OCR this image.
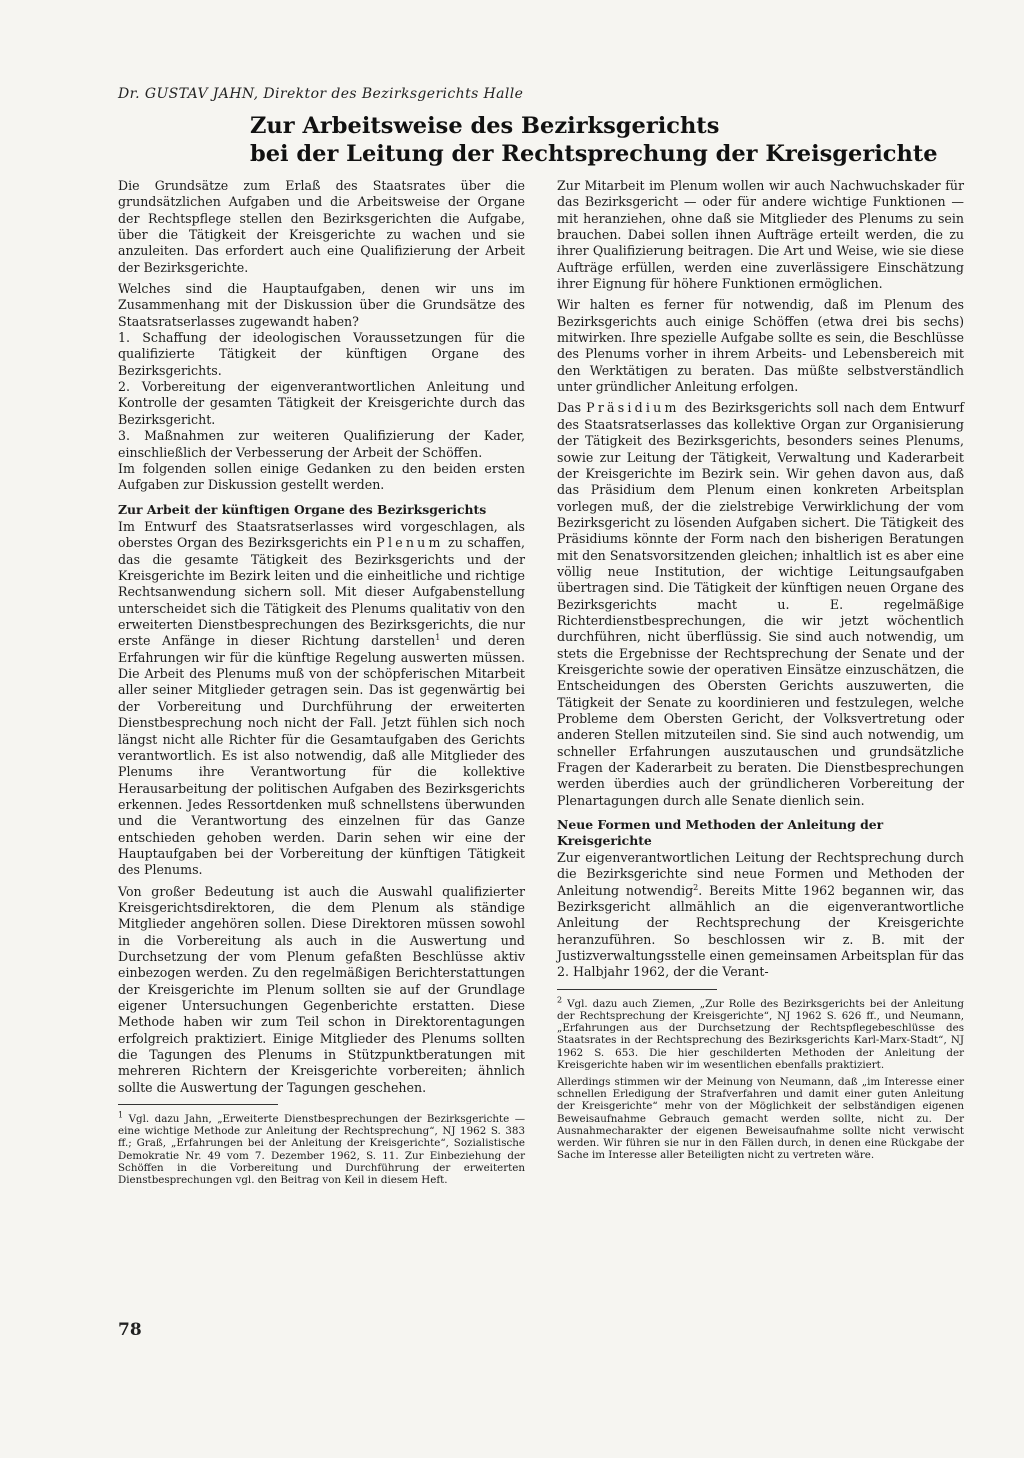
Dr. GUSTAV JAHN, Direktor des Bezirksgerichts Halle
Zur Arbeitsweise des Bezirksgerichts
bei der Leitung der Rechtsprechung der Kreisgerichte

Die Grundsätze zum Erlaß des Staatsrates über die grundsätzlichen Aufgaben und die Arbeitsweise der Organe der Rechtspflege stellen den Bezirksgerichten die Aufgabe, über die Tätigkeit der Kreisgerichte zu wachen und sie anzuleiten. Das erfordert auch eine Qualifizierung der Arbeit der Bezirksgerichte.

Welches sind die Hauptaufgaben, denen wir uns im Zusammenhang mit der Diskussion über die Grundsätze des Staatsratserlasses zugewandt haben?

1. Schaffung der ideologischen Voraussetzungen für die qualifizierte Tätigkeit der künftigen Organe des Bezirksgerichts.

2. Vorbereitung der eigenverantwortlichen Anleitung und Kontrolle der gesamten Tätigkeit der Kreisgerichte durch das Bezirksgericht.

3. Maßnahmen zur weiteren Qualifizierung der Kader, einschließlich der Verbesserung der Arbeit der Schöffen.

Im folgenden sollen einige Gedanken zu den beiden ersten Aufgaben zur Diskussion gestellt werden.

Zur Arbeit der künftigen Organe des Bezirksgerichts

Im Entwurf des Staatsratserlasses wird vorgeschlagen, als oberstes Organ des Bezirksgerichts ein Plenum zu schaffen, das die gesamte Tätigkeit des Bezirksgerichts und der Kreisgerichte im Bezirk leiten und die einheitliche und richtige Rechtsanwendung sichern soll. Mit dieser Aufgabenstellung unterscheidet sich die Tätigkeit des Plenums qualitativ von den erweiterten Dienstbesprechungen des Bezirksgerichts, die nur erste Anfänge in dieser Richtung darstellen$^1$ und deren Erfahrungen wir für die künftige Regelung auswerten müssen. Die Arbeit des Plenums muß von der schöpferischen Mitarbeit aller seiner Mitglieder getragen sein. Das ist gegenwärtig bei der Vorbereitung und Durchführung der erweiterten Dienstbesprechung noch nicht der Fall. Jetzt fühlen sich noch längst nicht alle Richter für die Gesamtaufgaben des Gerichts verantwortlich. Es ist also notwendig, daß alle Mitglieder des Plenums ihre Verantwortung für die kollektive Herausarbeitung der politischen Aufgaben des Bezirksgerichts erkennen. Jedes Ressortdenken muß schnellstens überwunden und die Verantwortung des einzelnen für das Ganze entschieden gehoben werden. Darin sehen wir eine der Hauptaufgaben bei der Vorbereitung der künftigen Tätigkeit des Plenums.

Von großer Bedeutung ist auch die Auswahl qualifizierter Kreisgerichtsdirektoren, die dem Plenum als ständige Mitglieder angehören sollen. Diese Direktoren müssen sowohl in die Vorbereitung als auch in die Auswertung und Durchsetzung der vom Plenum gefaßten Beschlüsse aktiv einbezogen werden. Zu den regelmäßigen Berichterstattungen der Kreisgerichte im Plenum sollten sie auf der Grundlage eigener Untersuchungen Gegenberichte erstatten. Diese Methode haben wir zum Teil schon in Direktorentagungen erfolgreich praktiziert. Einige Mitglieder des Plenums sollten die Tagungen des Plenums in Stützpunktberatungen mit mehreren Richtern der Kreisgerichte vorbereiten; ähnlich sollte die Auswertung der Tagungen geschehen.

$^1$ Vgl. dazu Jahn, „Erweiterte Dienstbesprechungen der Bezirksgerichte — eine wichtige Methode zur Anleitung der Rechtsprechung“, NJ 1962 S. 383 ff.; Graß, „Erfahrungen bei der Anleitung der Kreisgerichte“, Sozialistische Demokratie Nr. 49 vom 7. Dezember 1962, S. 11. Zur Einbeziehung der Schöffen in die Vorbereitung und Durchführung der erweiterten Dienstbesprechungen vgl. den Beitrag von Keil in diesem Heft.

Zur Mitarbeit im Plenum wollen wir auch Nachwuchskader für das Bezirksgericht — oder für andere wichtige Funktionen — mit heranziehen, ohne daß sie Mitglieder des Plenums zu sein brauchen. Dabei sollen ihnen Aufträge erteilt werden, die zu ihrer Qualifizierung beitragen. Die Art und Weise, wie sie diese Aufträge erfüllen, werden eine zuverlässigere Einschätzung ihrer Eignung für höhere Funktionen ermöglichen.

Wir halten es ferner für notwendig, daß im Plenum des Bezirksgerichts auch einige Schöffen (etwa drei bis sechs) mitwirken. Ihre spezielle Aufgabe sollte es sein, die Beschlüsse des Plenums vorher in ihrem Arbeits- und Lebensbereich mit den Werktätigen zu beraten. Das müßte selbstverständlich unter gründlicher Anleitung erfolgen.

Das Präsidium des Bezirksgerichts soll nach dem Entwurf des Staatsratserlasses das kollektive Organ zur Organisierung der Tätigkeit des Bezirksgerichts, besonders seines Plenums, sowie zur Leitung der Tätigkeit, Verwaltung und Kaderarbeit der Kreisgerichte im Bezirk sein. Wir gehen davon aus, daß das Präsidium dem Plenum einen konkreten Arbeitsplan vorlegen muß, der die zielstrebige Verwirklichung der vom Bezirksgericht zu lösenden Aufgaben sichert. Die Tätigkeit des Präsidiums könnte der Form nach den bisherigen Beratungen mit den Senatsvorsitzenden gleichen; inhaltlich ist es aber eine völlig neue Institution, der wichtige Leitungsaufgaben übertragen sind. Die Tätigkeit der künftigen neuen Organe des Bezirksgerichts macht u. E. regelmäßige Richterdienstbesprechungen, die wir jetzt wöchentlich durchführen, nicht überflüssig. Sie sind auch notwendig, um stets die Ergebnisse der Rechtsprechung der Senate und der Kreisgerichte sowie der operativen Einsätze einzuschätzen, die Entscheidungen des Obersten Gerichts auszuwerten, die Tätigkeit der Senate zu koordinieren und festzulegen, welche Probleme dem Obersten Gericht, der Volksvertretung oder anderen Stellen mitzuteilen sind. Sie sind auch notwendig, um schneller Erfahrungen auszutauschen und grundsätzliche Fragen der Kaderarbeit zu beraten. Die Dienstbesprechungen werden überdies auch der gründlicheren Vorbereitung der Plenartagungen durch alle Senate dienlich sein.

Neue Formen und Methoden der Anleitung der Kreisgerichte

Zur eigenverantwortlichen Leitung der Rechtsprechung durch die Bezirksgerichte sind neue Formen und Methoden der Anleitung notwendig$^2$. Bereits Mitte 1962 begannen wir, das Bezirksgericht allmählich an die eigenverantwortliche Anleitung der Rechtsprechung der Kreisgerichte heranzuführen. So beschlossen wir z. B. mit der Justizverwaltungsstelle einen gemeinsamen Arbeitsplan für das 2. Halbjahr 1962, der die Verant-

$^2$ Vgl. dazu auch Ziemen, „Zur Rolle des Bezirksgerichts bei der Anleitung der Rechtsprechung der Kreisgerichte“, NJ 1962 S. 626 ff., und Neumann, „Erfahrungen aus der Durchsetzung der Rechtspflegebeschlüsse des Staatsrates in der Rechtsprechung des Bezirksgerichts Karl-Marx-Stadt“, NJ 1962 S. 653. Die hier geschilderten Methoden der Anleitung der Kreisgerichte haben wir im wesentlichen ebenfalls praktiziert.

Allerdings stimmen wir der Meinung von Neumann, daß „im Interesse einer schnellen Erledigung der Strafverfahren und damit einer guten Anleitung der Kreisgerichte“ mehr von der Möglichkeit der selbständigen eigenen Beweisaufnahme Gebrauch gemacht werden sollte, nicht zu. Der Ausnahmecharakter der eigenen Beweisaufnahme sollte nicht verwischt werden. Wir führen sie nur in den Fällen durch, in denen eine Rückgabe der Sache im Interesse aller Beteiligten nicht zu vertreten wäre.

78
